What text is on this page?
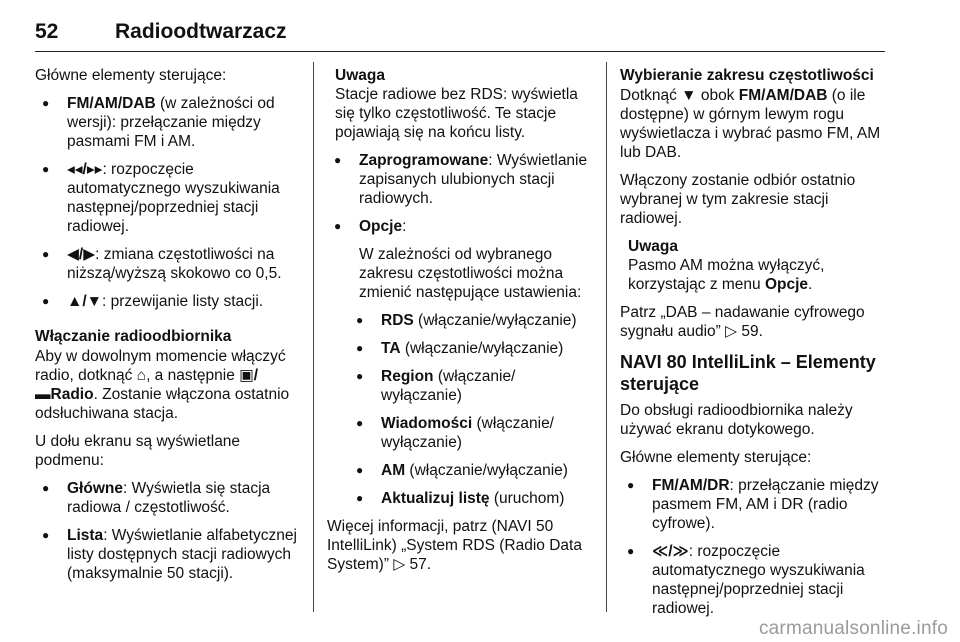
52	Radioodtwarzacz

Główne elementy sterujące:

● FM/AM/DAB (w zależności od wersji): przełączanie między pasmami FM i AM.
● ◂◂/▸▸: rozpoczęcie automatycznego wyszukiwania następnej/poprzedniej stacji radiowej.
● ◀/▶: zmiana częstotliwości na niższą/wyższą skokowo co 0,5.
● ▲/▼: przewijanie listy stacji.
Włączanie radioodbiornika

Aby w dowolnym momencie włączyć radio, dotknąć ⌂, a następnie ▣/
▬Radio. Zostanie włączona ostatnio odsłuchiwana stacja.

U dołu ekranu są wyświetlane podmenu:

● Główne: Wyświetla się stacja radiowa / częstotliwość.
● Lista: Wyświetlanie alfabetycznej listy dostępnych stacji radiowych (maksymalnie 50 stacji).
Uwaga
Stacje radiowe bez RDS: wyświetla się tylko częstotliwość. Te stacje pojawiają się na końcu listy.
● Zaprogramowane: Wyświetlanie zapisanych ulubionych stacji radiowych.
● Opcje:
W zależności od wybranego zakresu częstotliwości można zmienić następujące ustawienia:
● RDS (włączanie/wyłączanie)
● TA (włączanie/wyłączanie)
● Region (włączanie/ wyłączanie)
● Wiadomości (włączanie/ wyłączanie)
● AM (włączanie/wyłączanie)
● Aktualizuj listę (uruchom)

Więcej informacji, patrz (NAVI 50 IntelliLink) „System RDS (Radio Data System)” ▷ 57.

Wybieranie zakresu częstotliwości

Dotknąć ▼ obok FM/AM/DAB (o ile dostępne) w górnym lewym rogu wyświetlacza i wybrać pasmo FM, AM lub DAB.

Włączony zostanie odbiór ostatnio wybranej w tym zakresie stacji radiowej.

Uwaga
Pasmo AM można wyłączyć, korzystając z menu Opcje.

Patrz „DAB – nadawanie cyfrowego sygnału audio” ▷ 59.

NAVI 80 IntelliLink – Elementy sterujące

Do obsługi radioodbiornika należy używać ekranu dotykowego.

Główne elementy sterujące:

● FM/AM/DR: przełączanie między pasmem FM, AM i DR (radio cyfrowe).
● ≪/≫: rozpoczęcie automatycznego wyszukiwania następnej/poprzedniej stacji radiowej.
carmanualsonline.info
